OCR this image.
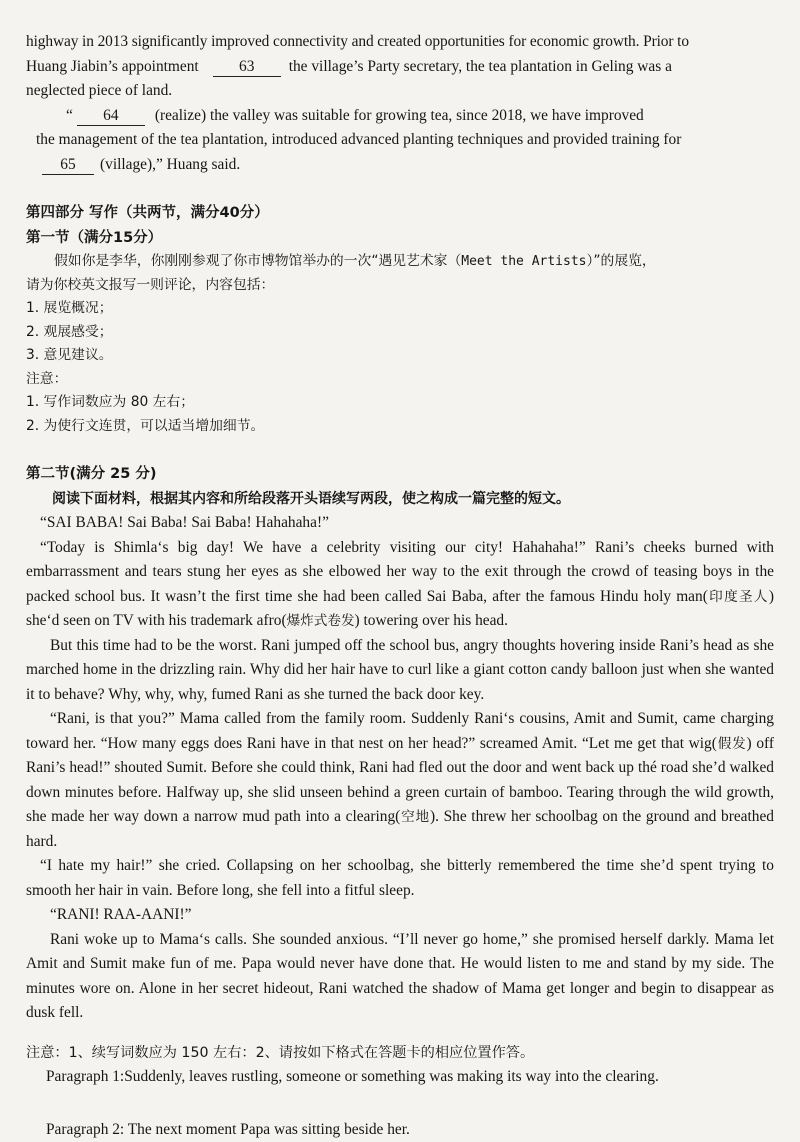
highway in 2013 significantly improved connectivity and created opportunities for economic growth. Prior to

Huang Jiabin’s appointment	63 the village’s Party secretary, the tea plantation in Geling was a

neglected piece of land.

“ 64 (realize) the valley was suitable for growing tea, since 2018, we have improved

the management of the tea plantation, introduced advanced planting techniques and provided training for

65 (village),” Huang said.

第四部分 写作（共两节，满分40分）

第一节（满分15分）

假如你是李华，你刚刚参观了你市博物馆举办的一次“遇见艺术家（Meet the Artists）”的展览，

请为你校英文报写一则评论，内容包括：

1. 展览概况；

2. 观展感受；

3. 意见建议。

注意：

1. 写作词数应为 80 左右；

2. 为使行文连贯，可以适当增加细节。

第二节(满分 25 分)

阅读下面材料，根据其内容和所给段落开头语续写两段，使之构成一篇完整的短文。

“SAI BABA! Sai Baba! Sai Baba! Hahahaha!”

“Today is Shimla‘s big day! We have a celebrity visiting our city! Hahahaha!” Rani’s cheeks burned with embarrassment and tears stung her eyes as she elbowed her way to the exit through the crowd of teasing boys in the packed school bus. It wasn’t the first time she had been called Sai Baba, after the famous Hindu holy man(印度圣人) she‘d seen on TV with his trademark afro(爆炸式卷发) towering over his head.

But this time had to be the worst. Rani jumped off the school bus, angry thoughts hovering inside Rani’s head as she marched home in the drizzling rain. Why did her hair have to curl like a giant cotton candy balloon just when she wanted it to behave? Why, why, why, fumed Rani as she turned the back door key.

“Rani, is that you?” Mama called from the family room. Suddenly Rani‘s cousins, Amit and Sumit, came charging toward her. “How many eggs does Rani have in that nest on her head?” screamed Amit. “Let me get that wig(假发) off Rani’s head!” shouted Sumit. Before she could think, Rani had fled out the door and went back up thé road she’d walked down minutes before. Halfway up, she slid unseen behind a green curtain of bamboo. Tearing through the wild growth, she made her way down a narrow mud path into a clearing(空地). She threw her schoolbag on the ground and breathed hard.

“I hate my hair!” she cried. Collapsing on her schoolbag, she bitterly remembered the time she’d spent trying to smooth her hair in vain. Before long, she fell into a fitful sleep.

“RANI! RAA-AANI!”

Rani woke up to Mama‘s calls. She sounded anxious. “I’ll never go home,” she promised herself darkly. Mama let Amit and Sumit make fun of me. Papa would never have done that. He would listen to me and stand by my side. The minutes wore on. Alone in her secret hideout, Rani watched the shadow of Mama get longer and begin to disappear as dusk fell.

注意：1、续写词数应为 150 左右：2、请按如下格式在答题卡的相应位置作答。

Paragraph 1:Suddenly, leaves rustling, someone or something was making its way into the clearing.

Paragraph 2: The next moment Papa was sitting beside her.
